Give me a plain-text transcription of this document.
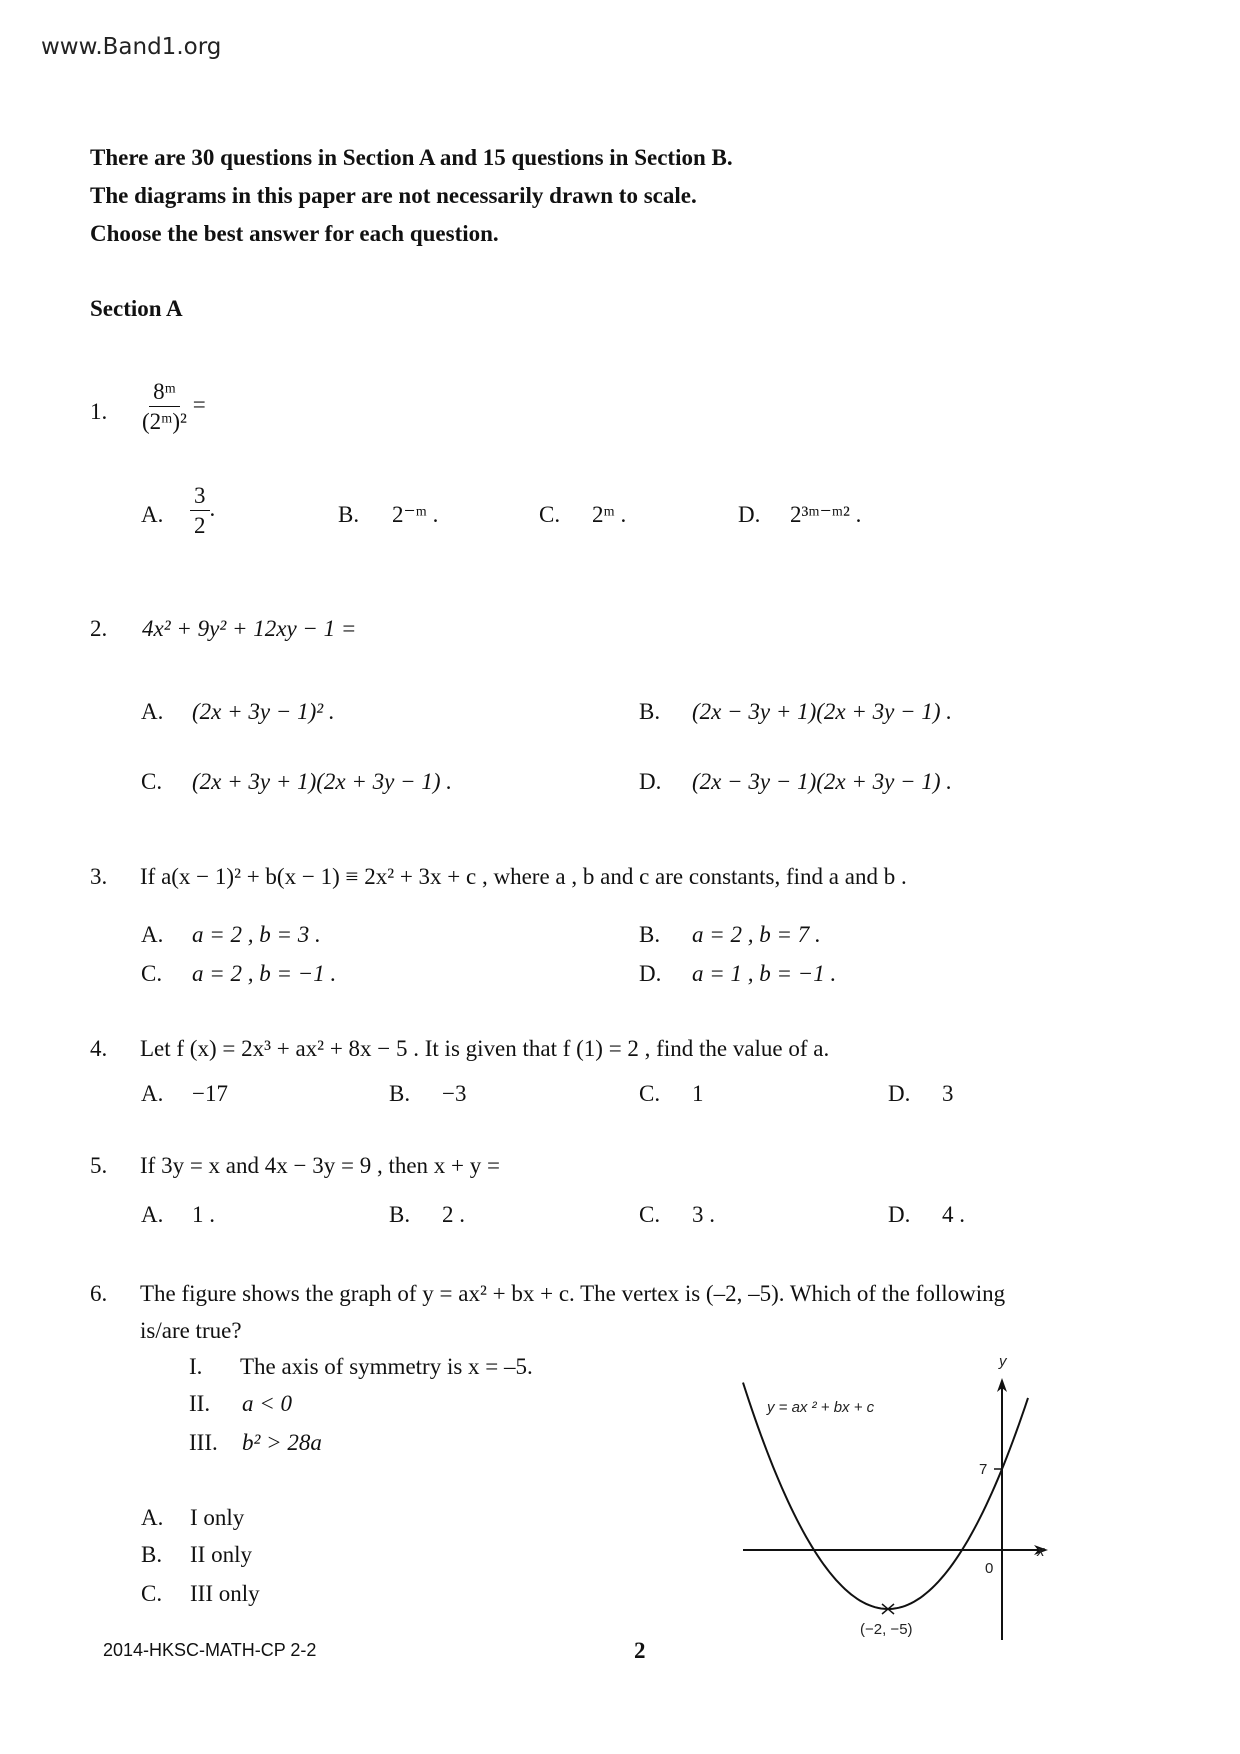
www.Band1.org
There are 30 questions in Section A and 15 questions in Section B.
The diagrams in this paper are not necessarily drawn to scale.
Choose the best answer for each question.
Section A
1. $\frac{\text{8ᵐ}}{\text{(2ᵐ)²}}$ =
A. $\frac{3}{2}$ .	B. 2⁻ᵐ .	C. 2ᵐ .	D. 2³ᵐ⁻ᵐ² .
2. 4x² + 9y² + 12xy − 1 =
A. (2x + 3y − 1)² .	B. (2x − 3y + 1)(2x + 3y − 1) .
C. (2x + 3y + 1)(2x + 3y − 1) .	D. (2x − 3y − 1)(2x + 3y − 1) .
3. If a(x − 1)² + b(x − 1) ≡ 2x² + 3x + c , where a , b and c are constants, find a and b .
A. a = 2 , b = 3 .	B. a = 2 , b = 7 .
C. a = 2 , b = −1 .	D. a = 1 , b = −1 .
4. Let f (x) = 2x³ + ax² + 8x − 5 . It is given that f (1) = 2 , find the value of a.
A. −17	B. −3	C. 1	D. 3
5. If 3y = x and 4x − 3y = 9 , then x + y =
A. 1 .	B. 2 .	C. 3 .	D. 4 .
6. The figure shows the graph of y = ax² + bx + c. The vertex is (–2, –5). Which of the following
is/are true?
I. The axis of symmetry is x = –5.
II. a < 0
III. b² > 28a
A. I only
B. II only
C. III only
y = ax ² + bx + c
y
x
0
7
(−2, −5)
2014-HKSC-MATH-CP 2-2	2
